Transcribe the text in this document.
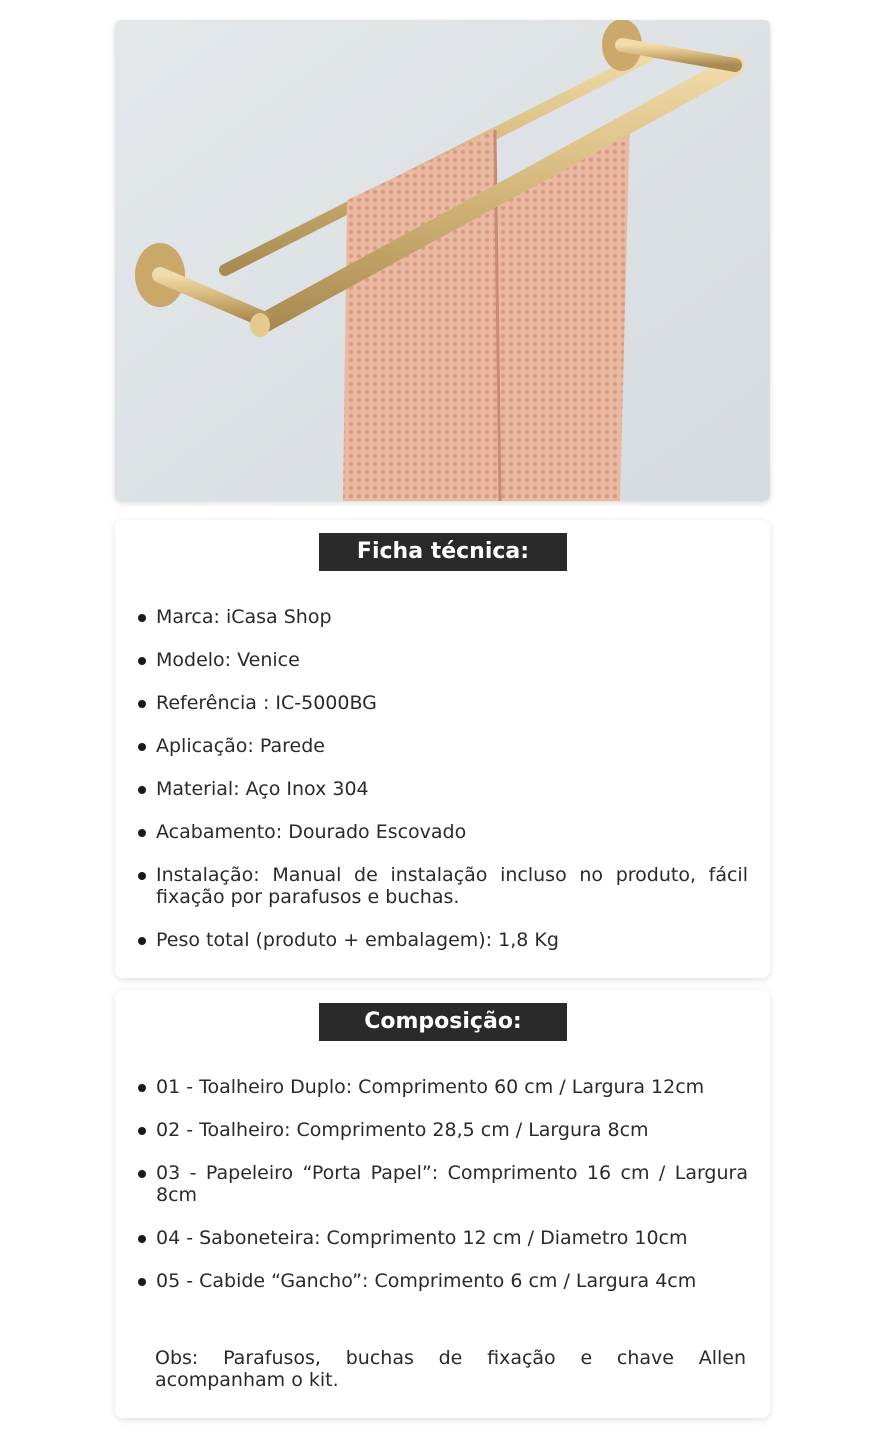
Ficha técnica:
Marca: iCasa Shop
Modelo: Venice
Referência : IC-5000BG
Aplicação: Parede
Material: Aço Inox 304
Acabamento: Dourado Escovado
Instalação: Manual de instalação incluso no produto, fácil fixação por parafusos e buchas.
Peso total (produto + embalagem): 1,8 Kg
Composição:
01 - Toalheiro Duplo: Comprimento 60 cm / Largura 12cm
02 - Toalheiro: Comprimento 28,5 cm / Largura 8cm
03 - Papeleiro “Porta Papel”: Comprimento 16 cm / Largura 8cm
04 - Saboneteira: Comprimento 12 cm / Diametro 10cm
05 - Cabide “Gancho”: Comprimento 6 cm / Largura 4cm
Obs: Parafusos, buchas de fixação e chave Allen acompanham o kit.
